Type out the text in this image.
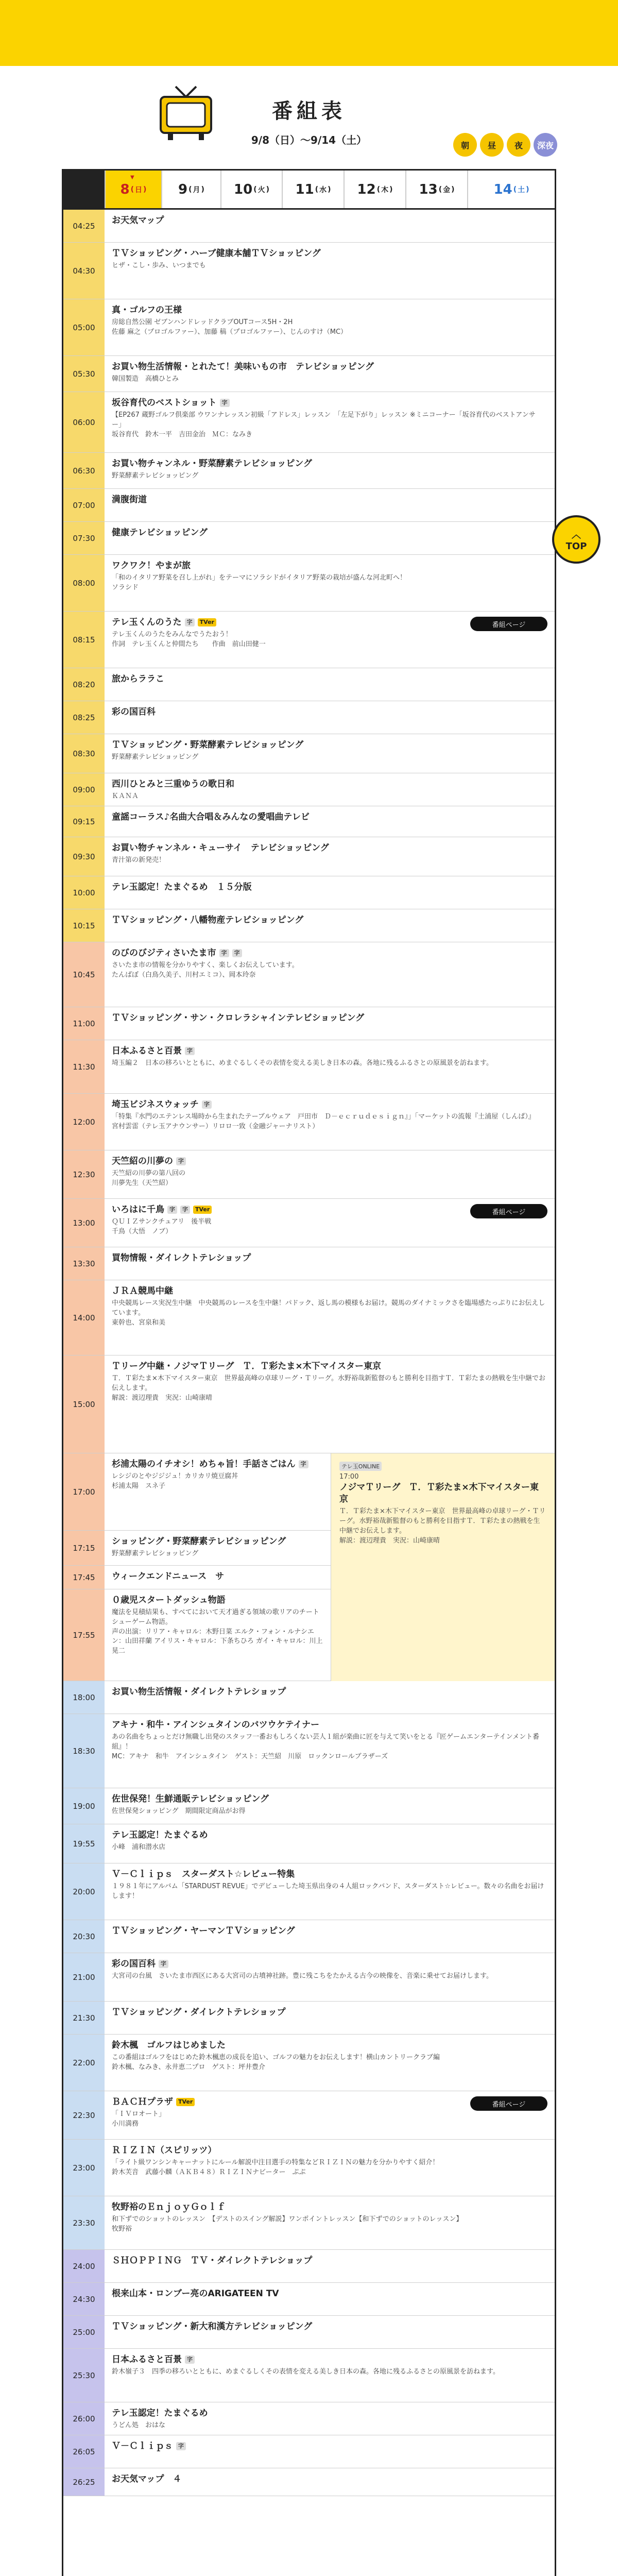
番組表
9/8（日）〜9/14（土）	朝	昼	夜	深夜
▼
8 ( 日 ) 9 ( 月 ) 10 ( 火 ) 11 ( 水 ) 12 ( 木 ) 13 ( 金 )	14 ( 土 )
04:25
お天気マップ
04:30
ＴＶショッピング・ハーブ健康本舗ＴＶショッピング
ヒザ・こし・歩み、いつまでも
05:00
真・ゴルフの王様
房総自然公園 ゼブンハンドレッドクラブOUTコース5H・2H
佐藤 麻之（プロゴルファー）、加藤 稿（プロゴルファー）、じんのすけ（MC）
05:30
お買い物生活情報・とれたて！美味いもの市　テレビショッピング
韓国製造　高橋ひとみ
06:00
坂谷育代のベストショット 字
【EP267 蔵野ゴルフ倶楽部 ウワンナレッスン初級「アドレス」レッスン　「左足下がり」レッスン ※ミニコーナー「坂谷育代のベストアンサー」
坂谷育代　鈴木一平　吉田金治　ＭＣ：なみき
06:30
お買い物チャンネル・野菜酵素テレビショッピング
野菜酵素テレビショッピング
07:00
満腹街道
07:30
健康テレビショッピング
08:00
ワクワク！やまが旅
「和のイタリア野菜を召し上がれ」をテーマにソラシドがイタリア野菜の栽培が盛んな河北町へ！
ソラシド
08:15
テレ玉くんのうた 字 TVer
テレ玉くんのうたをみんなでうたおう！
作詞　テレ玉くんと仲間たち　　作曲　前山田健一
番組ページ
08:20
旅からララこ
08:25
彩の国百科
08:30
ＴＶショッピング・野菜酵素テレビショッピング
野菜酵素テレビショッピング
09:00
西川ひとみと三重ゆうの歌日和
ＫＡＮＡ
09:15	童謡コーラス♪名曲大合唱＆みんなの愛唱曲テレビ
09:30
お買い物チャンネル・キューサイ　テレビショッピング
青汁第の新発売！
10:00
テレ玉認定！たまぐるめ　１５分版
10:15
ＴＶショッピング・八幡物産テレビショッピング
10:45
のびのびジティさいたま市 字 字
さいたま市の情報を分かりやすく、楽しくお伝えしています。
たんばぼ（白鳥久美子、川村エミコ）、岡本玲奈
11:00
ＴＶショッピング・サン・クロレラシャインテレビショッピング
11:30
日本ふるさと百景 字
埼玉編２　日本の移ろいとともに、めまぐるしくその表情を変える美しき日本の森。各地に残るふるさとの原風景を訪ねます。
12:00
埼玉ビジネスウォッチ 字
「特集『水門のエテンレス場時から生まれたテーブルウェア　戸田市　Ｄ－ｅｃｒｕｄｅｓｉｇｎ』」「マーケットの流報『土浦屋（しんぱ）』
宮村雲雷（テレ玉アナウンサー）リロロ一致（金融ジャーナリスト）
12:30
天竺紹の川夢の 字
天竺紹の川夢の第八回の
川夢先生（天竺紹）
13:00
いろはに千鳥 字 字 TVer
ＱＵＩＺサンクチュアリ　後半戦
千鳥（大悟　ノブ）
番組ページ
13:30
買物情報・ダイレクトテレショップ
14:00
ＪＲＡ競馬中継
中央競馬レース実況生中継　中央競馬のレースを生中継！パドック、返し馬の模様もお届け。競馬のダイナミックさを臨場感たっぷりにお伝えしています。
東幹也、宮泉和美
15:00
Ｔリーグ中継・ノジマＴリーグ　Ｔ．Ｔ彩たま×木下マイスター東京
Ｔ．Ｔ彩たま×木下マイスター東京　世界最高峰の卓球リーグ・Ｔリーグ。水野裕哉新監督のもと勝利を目指すＴ．Ｔ彩たまの熱戦を生中継でお伝えします。
解説：渡辺理貴　実況：山崎康晴
17:00
杉浦太陽のイチオシ！めちゃ旨！手話さごはん 字
レシジのとやジジジュ！カリカリ焼豆腐丼
杉浦太陽　スネ子
テレ玉ONLINE
17:00
ノジマＴリーグ　Ｔ．Ｔ彩たま×木下マイスター東京
Ｔ．Ｔ彩たま×木下マイスター東京　世界最高峰の卓球リーグ・Ｔリーグ。水野裕哉新監督のもと勝利を目指すＴ．Ｔ彩たまの熱戦を生中継でお伝えします。
解説：渡辺理貴　実況：山崎康晴
17:15
ショッピング・野菜酵素テレビショッピング
野菜酵素テレビショッピング
17:45	ウィークエンドニュース　サ
17:55
０歳児スタートダッシュ物語
魔法を見積結果も、すべてにおいて天才過ぎる領域の歌リアのチートシューゲーム物語。
声の出演：リリア・キャロル：木野日菜 エルク・フォン・ルナシエン：山田祥蘭 アイリス・キャロル：下条ちひろ ガイ・キャロル：川上晃二
18:00
お買い物生活情報・ダイレクトテレショップ
18:30
アキナ・和牛・アインシュタインのバツウケテイナー
あの名曲をちょっとだけ無職し出発のスタッフ一番おもしろくない芸人１組が楽曲に匠を与えて笑いをとる『匠ゲームエンターテインメント番組』！
MC：アキナ　和牛　アインシュタイン　ゲスト：天竺紹　川原　ロックンロールブラザーズ
19:00
佐世保発！生鮮通販テレビショッピング
佐世保発ショッピング　期間限定商品がお得
19:55
テレ玉認定！たまぐるめ
小峰　浦和潜水店
20:00
Ｖ－Ｃｌｉｐｓ　スターダスト☆レビュー特集
１９８１年にアルバム「STARDUST REVUE」でデビューした埼玉県出身の４人組ロックバンド、スターダスト☆レビュー。数々の名曲をお届けします！
20:30
ＴＶショッピング・ヤーマンＴＶショッピング
21:00
彩の国百科 字
大宮司の台風　さいたま市西区にある大宮司の古墳神社跡。豊に残こちをたかえる古今の映像を、音楽に乗せてお届けします。
21:30
ＴＶショッピング・ダイレクトテレショップ
22:00
鈴木楓　ゴルフはじめました
この番組はゴルフをはじめた鈴木楓恵の成長を追い、ゴルフの魅力をお伝えします！横山カントリークラブ編
鈴木楓、なみき、永井恵二プロ　ゲスト：坪井豊介
22:30
ＢＡＣＨプラザ TVer
「ＩＶロオート」
小川満務
番組ページ
23:00
ＲＩＺＩＮ（スピリッツ）
「ライト級ワンシンキャーナットにルール解説中注目選手の特集などＲＩＺＩＮの魅力を分かりやすく紹介！
鈴木芙音　武藤小麟（ＡＫＢ４８）ＲＩＺＩＮナビーター　ぷぷ
23:30
牧野裕のＥｎｊｏｙＧｏｌｆ
和下ずでのショットのレッスン　【デストのスイング解説】ワンポイントレッスン【和下ずでのショットのレッスン】
牧野裕
24:00
ＳＨＯＰＰＩＮＧ　ＴＶ・ダイレクトテレショップ
24:30
根来山本・ロンブー亮のARIGATEEN TV
25:00
ＴＶショッピング・新大和漢方テレビショッピング
25:30
日本ふるさと百景 字
鈴木嶺子３　四季の移ろいとともに、めまぐるしくその表情を変える美しき日本の森。各地に残るふるさとの原風景を訪ねます。
26:00
テレ玉認定！たまぐるめ
うどん処　おはな
26:05
Ｖ－Ｃｌｉｐｓ 字
26:25	お天気マップ　４
︿
TOP
